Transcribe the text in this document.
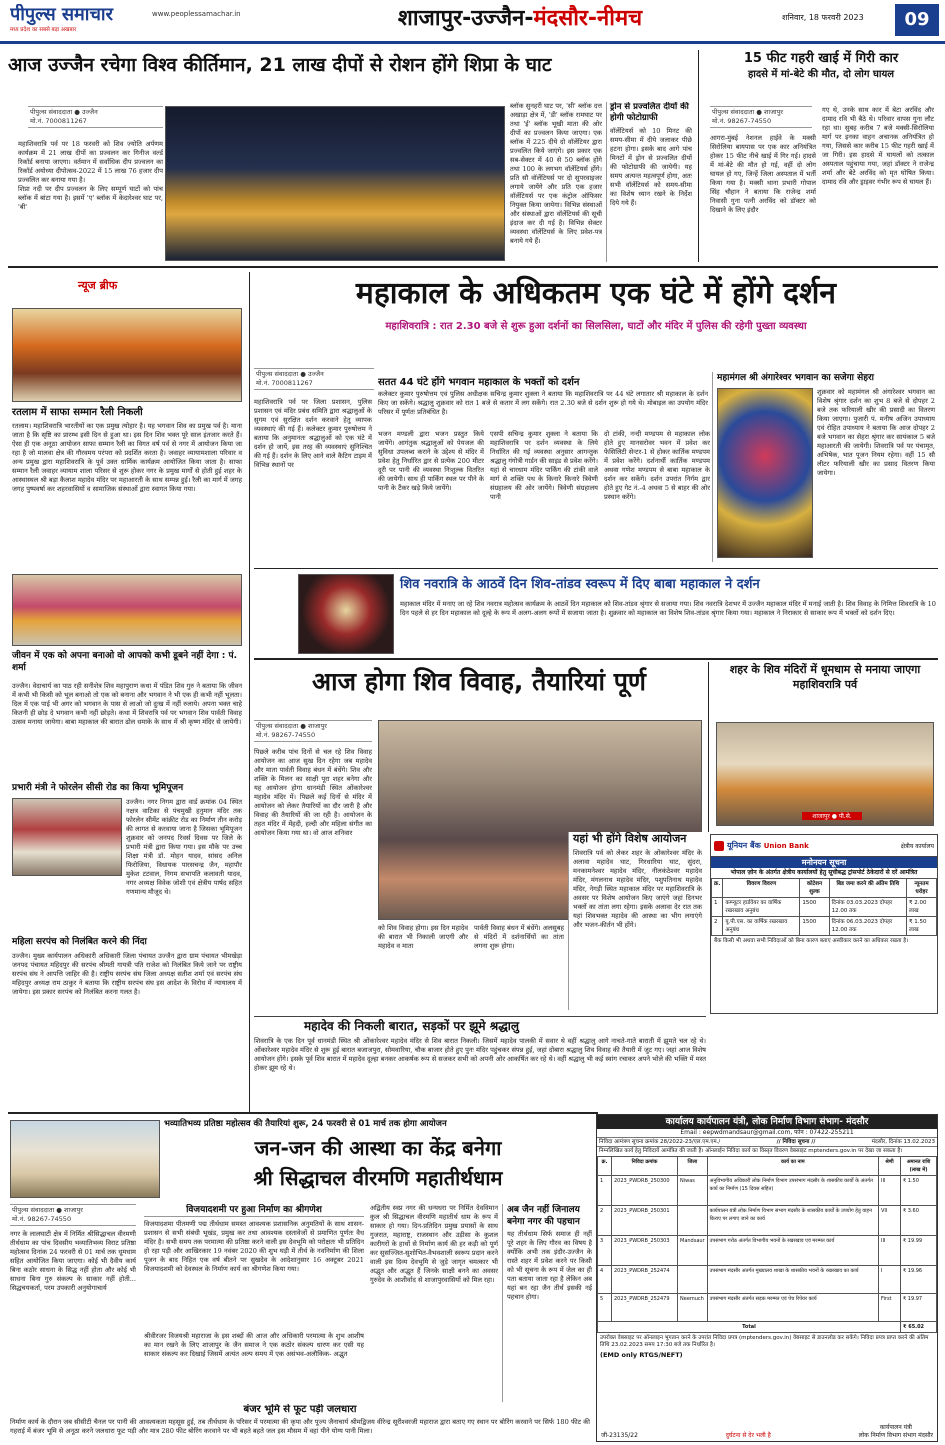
पीपुल्स समाचार
मध्य प्रदेश का सबसे बड़ा अखबार
www.peoplessamachar.in	शाजापुर-उज्जैन-मंदसौर-नीमच	शनिवार, 18 फरवरी 2023	09
आज उज्जैन रचेगा विश्व कीर्तिमान, 21 लाख दीपों से रोशन होंगे शिप्रा के घाट
पीपुल्स संवाददाता ● उज्जैन
मो.नं. 7000811267
महाशिवरात्रि पर्व पर 18 फरवरी को शिव ज्योति अर्पणम कार्यक्रम में 21 लाख दीपों का प्रज्वलन कर गिनीज वर्ल्ड रिकॉर्ड बनाया जाएगा। वर्तमान में सर्वाधिक दीप प्रज्वलन का रिकॉर्ड अयोध्या दीपोत्सव-2022 में 15 लाख 76 हजार दीप प्रज्वलित कर बनाया गया है।
शिप्रा नदी पर दीप प्रज्वलन के लिए सम्पूर्ण घाटों को पांच ब्लॉक में बांटा गया है। इसमें 'ए' ब्लॉक में केदारेश्वर घाट पर, 'बी'
ब्लॉक सुनहरी घाट पर, 'सी' ब्लॉक दत्त अखाड़ा क्षेत्र में, 'डी' ब्लॉक रामघाट पर तथा 'ई' ब्लॉक भूखी माता की ओर दीपों का प्रज्वलन किया जाएगा। एक ब्लॉक में 225 दीये दो वॉलेंटियर द्वारा प्रज्वलित किये जाएंगे। इस प्रकार एक सब-सेक्टर में 40 से 50 ब्लॉक होंगे तथा 100 के लगभग वॉलेंटियर्स होंगे। प्रति सौ वॉलेंटियर्स पर दो सुपरवाइजर लगाये जायेंगे और प्रति एक हजार वॉलेंटियर्स पर एक कंट्रोल ऑफिसर नियुक्त किया जायेगा। विभिन्न संस्थाओं और संस्थाओं द्वारा वॉलेंटियर्स की सूची इंदाज कर दी गई है। विभिन्न सेक्टर व्यवस्था वॉलेंटियर्स के लिए प्रवेश-पत्र बनाये गये हैं।
ड्रोन से प्रज्वलित दीयों की होगी फोटोग्राफी
वॉलेंटियर्स को 10 मिनट की समय-सीमा में दीये जलाकर पीछे हटना होगा। इसके बाद आगे पांच मिनटों में ड्रोन से प्रज्वलित दीयों की फोटोग्राफी की जायेगी। यह समय अत्यन्त महत्वपूर्ण होगा, अतः सभी वॉलेंटियर्स को समय-सीमा का विशेष ध्यान रखने के निर्देश दिये गये हैं।
15 फीट गहरी खाई में गिरी कार
हादसे में मां-बेटे की मौत, दो लोग घायल
पीपुल्स संवाददाता ● शाजापुर
मो.नं. 98267-74550
आगरा-मुंबई नेशनल हाईवे के मक्सी सिरोलिया बायपास पर एक कार अनियंत्रित होकर 15 फीट नीचे खाई में गिर गई। हादसे में मां-बेटे की मौत हो गई, वहीं दो लोग घायल हो गए, जिन्हें जिला अस्पताल में भर्ती किया गया है। मक्सी थाना प्रभारी गोपाल सिंह चौहान ने बताया कि राजेन्द्र शर्मा निवासी गुना पत्नी अरविंद को डॉक्टर को दिखाने के लिए इंदौर
गए थे, उनके साथ कार में बेटा अरविंद और दामाद रवि भी बैठे थे। परिवार वापस गुना लौट रहा था। सुबह करीब 7 बजे मक्सी-सिरोलिया मार्ग पर इनका वाहन अचानक अनियंत्रित हो गया, जिससे कार करीब 15 फीट गहरी खाई में जा गिरी। इस हादसे में घायलों को तत्काल अस्पताल पहुंचाया गया, जहां डॉक्टर ने राजेन्द्र शर्मा और बेटे अरविंद को मृत घोषित किया। दामाद रवि और ड्राइवर गंभीर रूप से घायल हैं।
न्यूज ब्रीफ
रतलाम में साफा सम्मान रैली निकली
रतलाम। महाशिवरात्रि भारतीयों का एक प्रमुख त्योहार है। यह भगवान शिव का प्रमुख पर्व है। माना जाता है कि सृष्टि का प्रारम्भ इसी दिन से हुआ था। इस दिन शिव भक्त पूरे साल इंतजार करते हैं। ऐसा ही एक अनूठा आयोजन साफा सम्मान रैली का विगत वर्ष पर्व से नगर में आयोजन किया जा रहा है जो मालवा क्षेत्र की गौरवमय परंपरा को प्रदर्शित करता है। जवाहर व्यायामशाला परिवार व अन्य प्रमुख द्वारा महाशिवरात्रि के पूर्व उक्त धार्मिक कार्यक्रम आयोजित किया जाता है। साफा सम्मान रैली जवाहर व्यायाम शाला परिसर से शुरू होकर नगर के प्रमुख मार्गों से होती हुई शहर के आस्थास्थल श्री बड़ा कैलाश महादेव मंदिर पर महाआरती के साथ सम्पन्न हुई। रैली का मार्ग में जगह जगह पुष्पवर्षा कर शहरवासियों व सामाजिक संस्थाओं द्वारा स्वागत किया गया।
जीवन में एक को अपना बनाओ वो आपको कभी डूबने नहीं देगा : पं. शर्मा
उज्जैन। वेदाचार्य का पाठ रही सनीशेत्र शिव महापुराण कथा में पंडित शिव गुरु ने बताया कि जीवन में कभी भी किसी को भूल बनाओ तो एक को बनाना और भगवान ने भी एक ही कभी नहीं भूलता। दिल में एक पाई भी अगर को भगवान के पास से लाओ जो दुःख में नहीं रुलाये। अपना भक्त चाहे कितनी ही छोड़ दे भगवान कभी नहीं छोड़ते। कथा में शिवरात्रि पर्व पर भगवान शिव पार्वती विवाह उत्सव मनाया जायेगा। बाबा महाकाल की बारात ढोल धमाके के साथ में श्री कृष्ण मंदिर से जायेगी।
प्रभारी मंत्री ने फोरलेन सीसी रोड का किया भूमिपूजन
उज्जैन। नगर निगम द्वारा वार्ड क्रमांक 04 स्थित नक्षत्र वाटिका से पंचमुखी हनुमान मंदिर तक फोरलेन सीमेंट कांक्रीट रोड का निर्माण तीन करोड़ की लागत से करवाया जाना है जिसका भूमिपूजन शुक्रवार को जनपद रिवर्स दिवस पर जिले के प्रभारी मंत्री द्वारा किया गया। इस मौके पर उच्च शिक्षा मंत्री डॉ. मोहन यादव, सांसद अनिल फिरोजिया, विधायक पारसचन्द्र जैन, महापौर मुकेश टटवाल, निगम सभापति कलावती यादव, नगर अध्यक्ष विवेक जोशी एवं क्षेत्रीय पार्षद सहित गणमान्य मौजूद थे।
महिला सरपंच को निलंबित करने की निंदा
उज्जैन। मुख्य कार्यपालन अधिकारी अधिकारी जिला पंचायत उज्जैन द्वारा ग्राम पंचायत भीमखेड़ा जनपद पंचायत महिदपुर की सरपंच श्रीमती गायत्री पति राजेश को निलंबित किये जाने पर राष्ट्रीय सरपंच संघ ने आपत्ति जाहिर की है। राष्ट्रीय सरपंच संघ जिला अध्यक्ष सतीश शर्मा एवं सरपंच संघ महिदपुर अध्यक्ष राम ठाकुर ने बताया कि राष्ट्रीय सरपंच संघ इस आदेश के विरोध में न्यायालय में जायेगा। इस प्रकार सरपंच को निलंबित करना गलत है।
महाकाल के अधिकतम एक घंटे में होंगे दर्शन
महाशिवरात्रि : रात 2.30 बजे से शुरू हुआ दर्शनों का सिलसिला, घाटों और मंदिर में पुलिस की रहेगी पुख्ता व्यवस्था
पीपुल्स संवाददाता ● उज्जैन
मो.नं. 7000811267	सतत 44 घंटे होंगे भगवान महाकाल के भक्तों को दर्शन
कलेक्टर कुमार पुरुषोत्तम एवं पुलिस अधीक्षक सचिन्द्र कुमार शुक्ला ने बताया कि महाशिवरात्रि पर 44 घंटे लगातार श्री महाकाल के दर्शन किए जा सकेंगे। श्रद्धालु शुक्रवार को रात 1 बजे से कतार में लग सकेंगे। रात 2.30 बजे से दर्शन शुरू हो गये थे। मोबाइल का उपयोग मंदिर परिसर में पूर्णतः प्रतिबंधित है।
महाशिवरात्रि पर्व पर जिला प्रशासन, पुलिस प्रशासन एवं मंदिर प्रबंध समिति द्वारा श्रद्धालुओं के सुगम एवं सुरक्षित दर्शन करवाने हेतु व्यापक व्यवस्थाएं की गई हैं। कलेक्टर कुमार पुरुषोत्तम ने बताया कि अनुमानतः श्रद्धालुओं को एक घंटे में दर्शन हो जायें, इस तरह की व्यवस्थाएं सुनिश्चित की गई हैं। दर्शन के लिए आने वाले कैटिग टाइम में विभिन्न स्थानों पर
भजन मण्डली द्वारा भजन प्रस्तुत किये जायेंगे। आगंतुक श्रद्धालुओं को पेयजल की सुविधा उपलब्ध कराने के उद्देश्य से मंदिर में प्रवेश हेतु निर्धारित द्वार से प्रत्येक 200 मीटर दूरी पर पानी की व्यवस्था निःशुल्क वितरित की जायेगी। साथ ही पार्किंग स्थल पर पीने के पानी के टैंकर खड़े किये जायेंगे।
एसपी सचिन्द्र कुमार शुक्ला ने बताया कि महाशिवरात्रि पर दर्शन व्यवस्था के लिये निर्धारित की गई व्यवस्था अनुसार आगन्तुक श्रद्धालु गंगोत्री गार्डन की साइड से प्रवेश करेंगे। यहां से चारधाम मंदिर पार्किंग की टांकी वाले मार्ग से शक्ति पथ के किनारे किनारे त्रिवेणी संग्रहालय की ओर जायेंगे। त्रिवेणी संग्रहालय पानी
दो टांकी, नन्दी मण्डपम से महाकाल लोक होते हुए मानसरोवर भवन में प्रवेश कर फेसिलिटी सेन्टर-1 से होकर कार्तिक मण्डपम में प्रवेश करेंगे। दर्शनार्थी कार्तिक मण्डपम अथवा गणेश मण्डपम से बाबा महाकाल के दर्शन कर सकेंगे। दर्शन उपरांत निर्गम द्वार होते हुए गेट नं.-4 अथवा 5 से बाहर की ओर प्रस्थान करेंगे।
महामंगल श्री अंगारेश्वर भगवान का सजेगा सेहरा
शुक्रवार को महामंगल श्री अंगारेश्वर भगवान का विशेष श्रृंगार दर्शन का शुभ 8 बजे से दोपहर 2 बजे तक फरियाली खीर की प्रसादी का वितरण किया जाएगा। पुजारी पं. मनीष अजिन उपाध्याय एवं रोहित उपाध्याय ने बताया कि आज दोपहर 2 बजे भगवान का सेहरा श्रृंगार कर सायंकाल 5 बजे महाआरती की जायेगी। शिवरात्रि पर्व पर पंचामृत, अभिषेक, भात पूजन नियम रहेगा। वहीं 15 सौ लीटर फरियाली खीर का प्रसाद वितरण किया जायेगा।
शिव नवरात्रि के आठवें दिन शिव-तांडव स्वरूप में दिए बाबा महाकाल ने दर्शन
महाकाल मंदिर में मनाए जा रहे शिव नवरात्र महोत्सव कार्यक्रम के आठवें दिन महाकाल को शिव-तांडव श्रृंगार से सजाया गया। शिव नवरात्रि देशभर में उज्जैन महाकाल मंदिर में मनाई जाती है। शिव विवाह के निमित्त शिवरात्रि के 10 दिन पहले से हर दिन महाकाल को दूल्हे के रूप में अलग-अलग रूपों में सजाया जाता है। शुक्रवार को महाकाल का विशेष शिव-तांडव श्रृंगार किया गया। महाकाल ने निराकार से साकार रूप में भक्तों को दर्शन दिए।
आज होगा शिव विवाह, तैयारियां पूर्ण
पीपुल्स संवाददाता ● शाजापुर
मो.नं. 98267-74550
पिछले करीब पांच दिनों से चल रहे शिव विवाह आयोजन का आज सुख दिन रहेगा जब महादेव और माता पार्वती विवाह बंधन में बंधेंगे। शिव और शक्ति के मिलन का साक्षी पूरा शहर बनेगा और यह आयोजन होगा धानमंडी स्थित ओंकारेश्वर महादेव मंदिर में। पिछले कई दिनों से मंदिर में आयोजन को लेकर तैयारियों का दौर जारी है और विवाह की तैयारियों की जा रही है। आयोजन के तहत मंदिर में मेंहदी, हल्दी और महिला संगीत का आयोजन किया गया था। वो आज शनिवार	यहां भी होंगे विशेष आयोजन
शिवरात्रि पर्व को लेकर शहर के ओंकारेश्वर मंदिर के अलावा महादेव घाट, गिरधारिया घाट, सुंदरा, मनकामनेश्वर महादेव मंदिर, नीलकंठेश्वर महादेव मंदिर, मंगलनाथ महादेव मंदिर, पशुपतिनाथ महादेव मंदिर, नेगड़ी स्थित महाकाल मंदिर पर महाशिवरात्रि के अवसर पर विशेष आयोजन किए जाएंगे जहां दिनभर भक्तों का तांता लगा रहेगा। इसके अलावा देर रात तक यहां शिवभक्त महादेव की आस्था का भीग लगाएंगे और भजन-कीर्तन भी होंगे।
को शिव विवाह होगा। इस दिन महादेव की बारात भी निकाली जाएगी और महादेव व माता
पार्वती विवाह बंधन में बंधेंगे। अलसुबह से मंदिरों में दर्शनार्थियों का तांता लगना शुरू होगा।
शहर के शिव मंदिरों में धूमधाम से मनाया जाएगा महाशिवरात्रि पर्व
शाजापुर ● पी.से.
यूनियन बैंक Union Bank	क्षेत्रीय कार्यालय
मनोनयन सूचना
भोपाल ज़ोन के अंतर्गत क्षेत्रीय कार्यालयों हेतु सूचीबद्ध ट्रांसपोर्ट ठेकेदारों से दरें आमंत्रित
क्र.	विवरण विवरण	कोटेशन शुल्क	बिड जमा करने की अंतिम तिथि	न्यूनतम धरोहर
1	कम्प्यूटर हार्डवेयर का वार्षिक रखरखाव अनुबंध	1500	दिनांक 03.03.2023 दोपहर 12.00 तक	₹ 2.00 लाख
2	यू.पी.एस. का वार्षिक रखरखाव अनुबंध	1500	दिनांक 06.03.2023 दोपहर 12.00 तक	₹ 1.50 लाख
बैंक किसी भी अथवा सभी निविदाओं को बिना कारण बताए अस्वीकार करने का अधिकार रखता है।
महादेव की निकली बारात, सड़कों पर झूमे श्रद्धालु
शिवरात्रि के एक दिन पूर्व धानमंडी स्थित श्री ओंकारेश्वर महादेव मंदिर से शिव बारात निकली। जिसमें महादेव पालकी में सवार थे वहीं श्रद्धालु आगे नाचते-गाते बाराती में झूमते चल रहे थे। ओंकारेश्वर महादेव मंदिर से शुरू हुई बारात बजाजपुरा, सोमवारिया, चौक बाजार होते हुए पुनः मंदिर पहुंचकर संपन्न हुई, जहां दोबारा श्रद्धालु शिव विवाह की तैयारी में जुट गए। जहां आज विशेष आयोजन होंगे। इसके पूर्व शिव बारात में महादेव दूल्हा बनकर आकर्षक रूप से सजकर सभी को अपनी ओर आकर्षित कर रहे थे। वहीं श्रद्धालु भी कई स्वांग रचाकर अपने भोले की भक्ति में मस्त होकर झूम रहे थे।
भव्यातिभव्य प्रतिष्ठा महोत्सव की तैयारियां शुरू, 24 फरवरी से 01 मार्च तक होगा आयोजन
जन-जन की आस्था का केंद्र बनेगा
श्री सिद्धाचल वीरमणि महातीर्थधाम
पीपुल्स संवाददाता ● शाजापुर
मो.नं. 98267-74550
नगर के लालघाटी क्षेत्र में निर्मित श्रीसिद्धाचल वीरमणी तीर्थधाम का पांच दिवसीय भव्यातिभव्य विराट प्रतिष्ठा महोत्सव दिनांक 24 फरवरी से 01 मार्च तक धूमधाम सहित आयोजित किया जाएगा। कोई भी दैवीय कार्य बिना कठोर साधना के सिद्ध नहीं होता और कोई भी साधना बिना गुरु संकल्प के साकार नहीं होती... सिद्धचयकर्ता, परम उपकारी अनुयोगाचार्य
विजयादशमी पर हुआ निर्माण का श्रीगणेश
विजयादशमा पीतमणी पद्म तीर्थधाम समस्त आवश्यक प्रशासनिक अनुमतियों के साथ शासन-प्रशासन से सभी संबंधी भूखंड, प्रमुख कर तथा आवश्यक दस्तावेजों से प्रमाणित पूर्णतः वैध मंदिर है। सभी समय तक परमात्मा की प्रतिष्ठा करने वाली इस देवभूमि को परोक्षतः भी प्रतिदिन हो रहा पड़ी और आखिरकार 19 नवंबर 2020 की शुभ घड़ी में तीर्थ के नवनिर्माण की शिला पूजन के बाद निहित एक वर्ष बीतने पर सुखदेव के आदेशानुसार 16 अक्टूबर 2021 विजयादशमी को देवस्थल के निर्माण कार्य का श्रीगणेश किया गया।
श्रीवीरजर विजयश्री महाराजा के इस शब्दों की आज और अधिकारी परमात्मा के शुभ आशीष का मान रखने के लिए शाजापुर के जैन समाज ने एक कठोर संकल्प धारण कर एसी यह साकार संकल्प कर दिखाई जिसमें अत्यंत अल्प समय में एक असंभव-अलौकिक- अद्भुत
अद्वितीय स्वप्न नगर की धन्यधरा पर निर्मित देवविमान कुल श्री सिद्धाचल वीरमणि महातीर्थ धाम के रूप में साकार हो गया। दिन-प्रतिदिन प्रमुख प्रयासों के साथ गुजरात, महाराष्ट्र, राजस्थान और उड़ीसा के कुशल कारीगरों के हाथों से निर्माण कार्य की हर कड़ी को पूर्ण कर सुसज्जित-सुशोभित-वैभवशाली स्वरूप प्रदान करने वाली इस दिव्य देवभूमि से जुड़े जागृत चमत्कार भी अद्भुत और अद्भुत हैं जिनके साक्षी बनने का अवसर गुरुदेव के आशीर्वाद से शाजापुरवासियों को मिल रहा।
अब जैन नहीं जिनालय बनेगा नगर की पहचान
यह तीर्थधाम सिर्फ समाज ही नहीं पूरे शहर के लिए गौरव का विषय है क्योंकि अभी तक इंदौर-उज्जैन के रास्ते शहर में प्रवेश करने पर किसी को भी सूचना के रूप में जेल का ही पता बताया जाता रहा है लेकिन अब यहां बन रहा जैन तीर्थ इसकी नई पहचान होगा।
बंजर भूमि से फूट पड़ी जलधारा
निर्माण कार्य के दौरान जब सीसीटी चैनल पर पानी की आवश्यकता महसूस हुई, तब तीर्थधाम के परिसर में परमात्मा की कृपा और पूज्य जैनाचार्य श्रीमद्विजय वीरेन्द्र सूरीश्वरजी महाराज द्वारा बताए गए स्थान पर बोरिंग करवाने पर सिर्फ 180 फीट की गहराई में बंजर भूमि से अनूठा करने जलधारा फूट पड़ी और मात्र 280 फीट बोरिंग करवाने पर भी बहते बहते जल इस मौसम में वहां पीने योग्य पानी मिला।
कार्यालय कार्यपालन यंत्री, लोक निर्माण विभाग संभाग- मंदसौर
Email : eepwdmandsaur@gmail.com, फोन : 07422-255211
निविदा आमंत्रण सूचना क्रमांक 28/2022-23/एल.एम.एम./	// निविदा सूचना //	मंदसौर, दिनांक 13.02.2023
निम्नलिखित कार्य हेतु निविदायें आमंत्रित की जाती है। ऑनलाईन निविदा कार्य का विस्तृत विवरण वेबसाइट mptenders.gov.in पर देखा जा सकता है।
क्र.	निविदा क्रमांक	जिला	कार्य का नाम	श्रेणी	अमानत राशि (लाख में)
1	2023_PWDRB_250300	Niwas	अनुविभागीय अधिकारी लोक निर्माण विभाग उपसंभाग मंदसौर के शासकीय कार्यों के अंतर्गत कार्य का निर्माण (15 दिवस सहित)	III	₹ 1.50
2	2023_PWDRB_250301		कार्यपालन यंत्री लोक निर्माण विभाग संभाग मंदसौर के शासकीय कार्यों के उपयोग हेतु वाहन किराए पर लगाए जाने का कार्य	VII	₹ 3.60
3	2023_PWDRB_250303	Mandsaur	उपसंभाग गरोठ अंतर्गत विभागीय भवनों के रखरखाव एवं मरम्मत कार्य	III	₹ 19.99
4	2023_PWDRB_252474		उपसंभाग मंदसौर अंतर्गत मुख्यालय शाखा के शासकीय भवनों के रखरखाव का कार्य	I	₹ 19.96
5	2023_PWDRB_252479	Neemuch	उपसंभाग मंदसौर अंतर्गत सड़क मरम्मत एवं पेच रिपेयर कार्य	First	₹ 19.97
Total					₹ 65.02
उपरोक्त वेबसाइट पर ऑनलाइन भुगतान करने के उपरांत निविदा प्रपत्र (mptenders.gov.in) वेबसाइट से डाउनलोड कर सकेंगे। निविदा प्रपत्र प्राप्त करने की अंतिम तिथि 23.02.2023 समय 17:30 बजे तक निर्धारित है।
(EMD only RTGS/NEFT)
जी-23135/22	दुर्घटना से देर भली है
कार्यपालन यंत्री
लोक निर्माण विभाग संभाग मंदसौर
